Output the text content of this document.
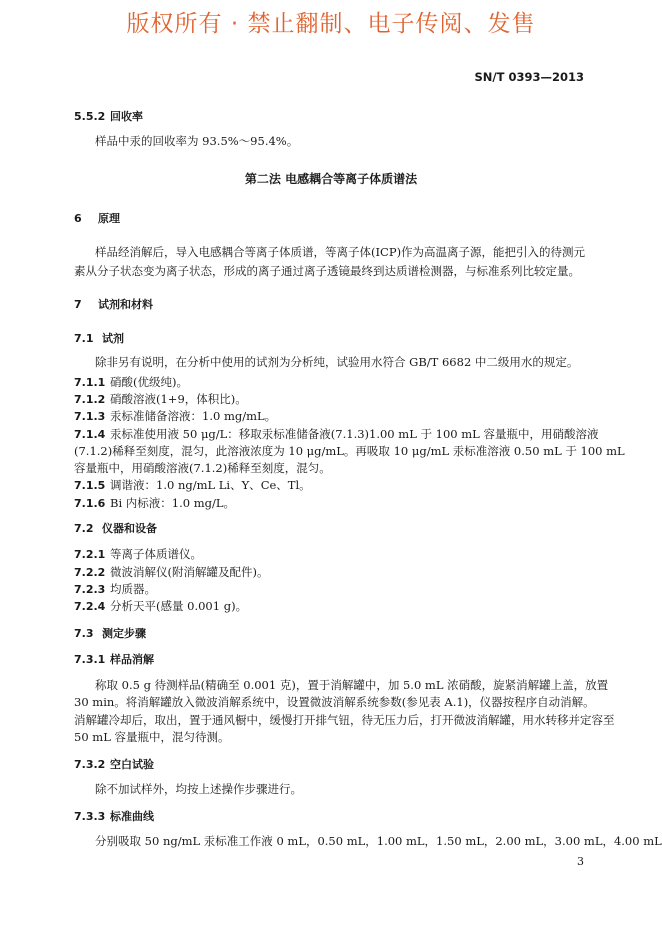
版权所有 · 禁止翻制、电子传阅、发售
SN/T 0393—2013
5.5.2 回收率
样品中汞的回收率为 93.5%～95.4%。
第二法 电感耦合等离子体质谱法
6 原理
样品经消解后，导入电感耦合等离子体质谱，等离子体(ICP)作为高温离子源，能把引入的待测元
素从分子状态变为离子状态，形成的离子通过离子透镜最终到达质谱检测器，与标准系列比较定量。
7 试剂和材料
7.1 试剂
除非另有说明，在分析中使用的试剂为分析纯，试验用水符合 GB/T 6682 中二级用水的规定。
7.1.1 硝酸(优级纯)。
7.1.2 硝酸溶液(1+9，体积比)。
7.1.3 汞标准储备溶液：1.0 mg/mL。
7.1.4 汞标准使用液 50 μg/L：移取汞标准储备液(7.1.3)1.00 mL 于 100 mL 容量瓶中，用硝酸溶液
(7.1.2)稀释至刻度，混匀，此溶液浓度为 10 μg/mL。再吸取 10 μg/mL 汞标准溶液 0.50 mL 于 100 mL
容量瓶中，用硝酸溶液(7.1.2)稀释至刻度，混匀。
7.1.5 调谐液：1.0 ng/mL Li、Y、Ce、Tl。
7.1.6 Bi 内标液：1.0 mg/L。
7.2 仪器和设备
7.2.1 等离子体质谱仪。
7.2.2 微波消解仪(附消解罐及配件)。
7.2.3 均质器。
7.2.4 分析天平(感量 0.001 g)。
7.3 测定步骤
7.3.1 样品消解
称取 0.5 g 待测样品(精确至 0.001 克)，置于消解罐中，加 5.0 mL 浓硝酸，旋紧消解罐上盖，放置
30 min。将消解罐放入微波消解系统中，设置微波消解系统参数(参见表 A.1)，仪器按程序自动消解。
消解罐冷却后，取出，置于通风橱中，缓慢打开排气钮，待无压力后，打开微波消解罐，用水转移并定容至
50 mL 容量瓶中，混匀待测。
7.3.2 空白试验
除不加试样外，均按上述操作步骤进行。
7.3.3 标准曲线
分别吸取 50 ng/mL 汞标准工作液 0 mL，0.50 mL，1.00 mL，1.50 mL，2.00 mL，3.00 mL，4.00 mL
3
